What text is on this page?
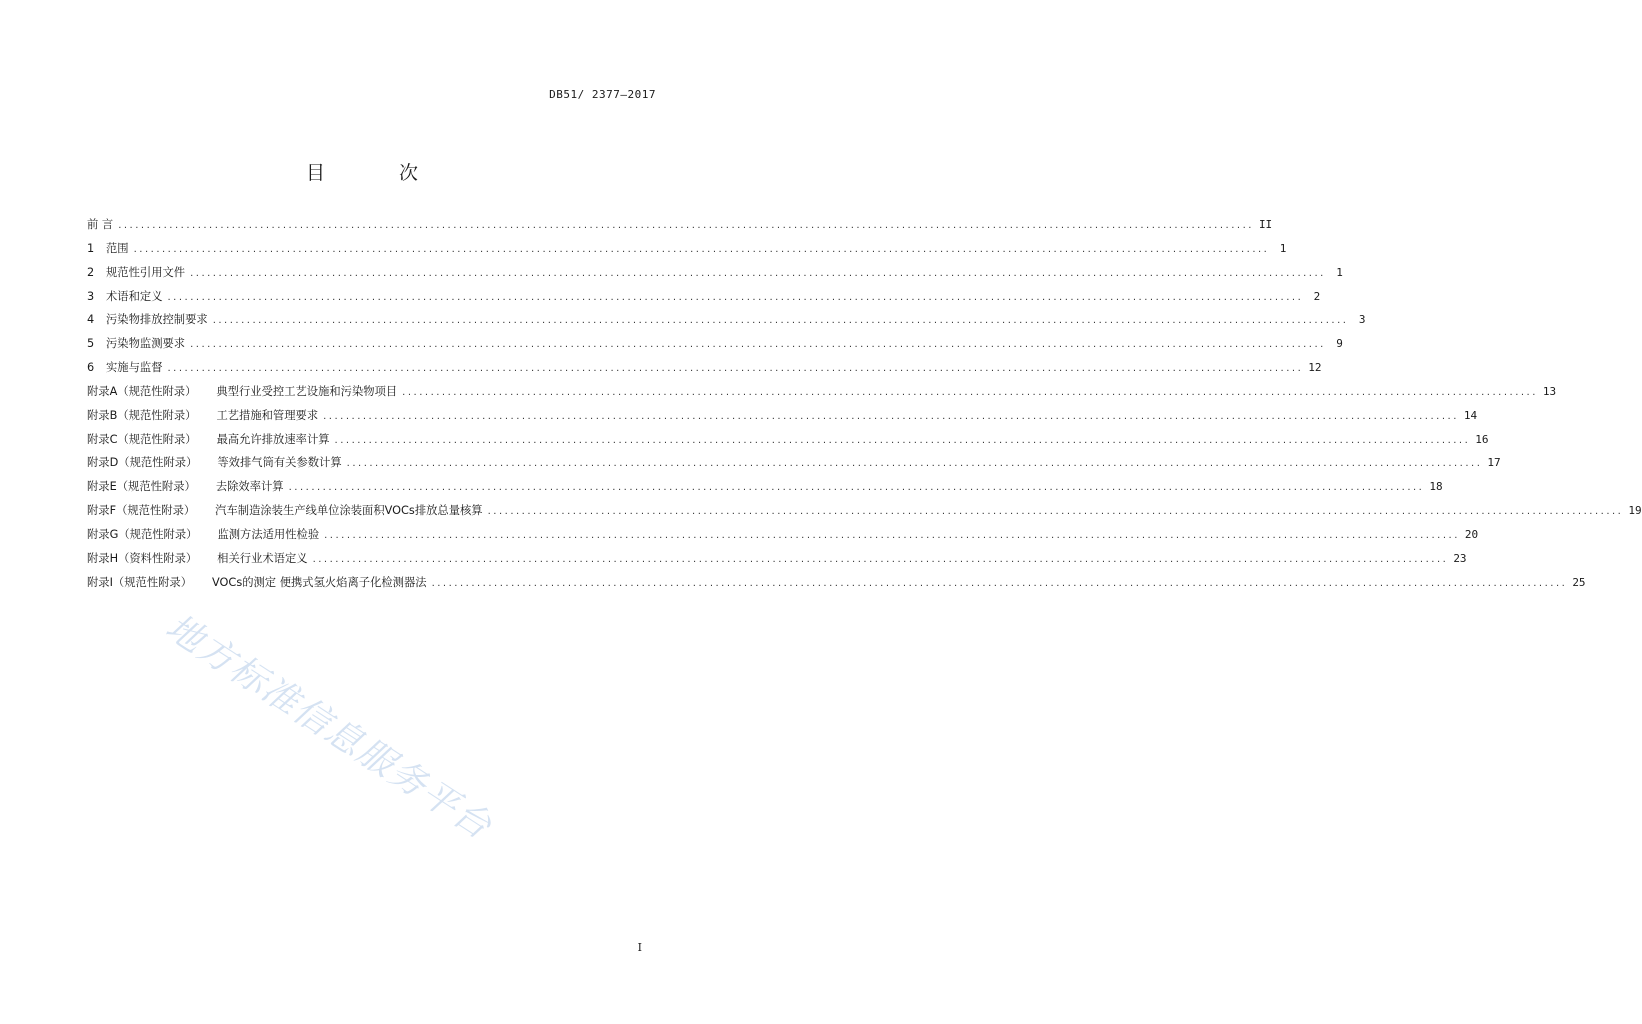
DB51/ 2377—2017
目 次
前 言 ........................................................................................................................................................................................................ II
1 范围 ........................................................................................................................................................................................................ 1
2 规范性引用文件 ........................................................................................................................................................................................................ 1
3 术语和定义 ........................................................................................................................................................................................................ 2
4 污染物排放控制要求 ........................................................................................................................................................................................................ 3
5 污染物监测要求 ........................................................................................................................................................................................................ 9
6 实施与监督 ........................................................................................................................................................................................................ 12
附录A（规范性附录） 典型行业受控工艺设施和污染物项目 ........................................................................................................................................................................................................ 13
附录B（规范性附录） 工艺措施和管理要求 ........................................................................................................................................................................................................ 14
附录C（规范性附录） 最高允许排放速率计算 ........................................................................................................................................................................................................ 16
附录D（规范性附录） 等效排气筒有关参数计算 ........................................................................................................................................................................................................ 17
附录E（规范性附录） 去除效率计算 ........................................................................................................................................................................................................ 18
附录F（规范性附录） 汽车制造涂装生产线单位涂装面积VOCs排放总量核算 ........................................................................................................................................................................................................ 19
附录G（规范性附录） 监测方法适用性检验 ........................................................................................................................................................................................................ 20
附录H（资料性附录） 相关行业术语定义 ........................................................................................................................................................................................................ 23
附录I（规范性附录） VOCs的测定 便携式氢火焰离子化检测器法 ........................................................................................................................................................................................................ 25
地方标准信息服务平台
I
